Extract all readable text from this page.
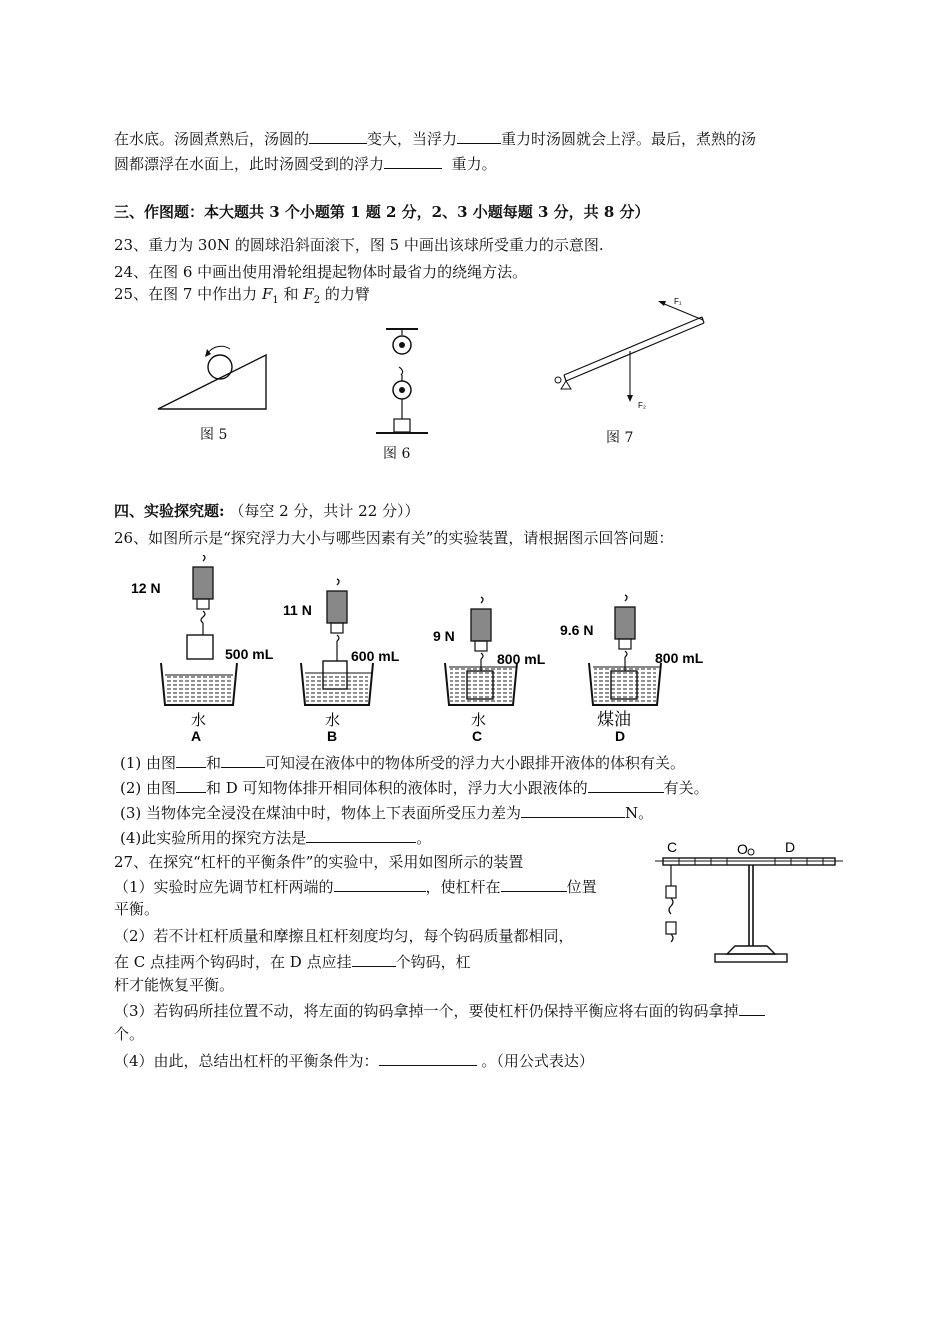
在水底。汤圆煮熟后，汤圆的	变大，当浮力	重力时汤圆就会上浮。最后，煮熟的汤
圆都漂浮在水面上，此时汤圆受到的浮力	重力。
三、作图题：本大题共 3 个小题第 1 题 2 分，2、3 小题每题 3 分，共 8 分）
23、重力为 30N 的圆球沿斜面滚下，图 5 中画出该球所受重力的示意图.
24、在图 6 中画出使用滑轮组提起物体时最省力的绕绳方法。
25、在图 7 中作出力 $F_1$ 和 $F_2$ 的力臂
图 5
图 6
F₁
F₂
图 7
四、实验探究题: （每空 2 分，共计 22 分））
26、如图所示是“探究浮力大小与哪些因素有关”的实验装置，请根据图示回答问题：
12 N
500 mL
水
A
11 N
600 mL
水
B
9 N
800 mL
水
C
9.6 N
800 mL
煤油
D
(1) 由图 和	可知浸在液体中的物体所受的浮力大小跟排开液体的体积有关。
(2) 由图 和 D 可知物体排开相同体积的液体时，浮力大小跟液体的	有关。
(3) 当物体完全浸没在煤油中时，物体上下表面所受压力差为	N。
(4)此实验所用的探究方法是	。
27、在探究“杠杆的平衡条件”的实验中，采用如图所示的装置
（1）实验时应先调节杠杆两端的	，使杠杆在	位置
平衡。
（2）若不计杠杆质量和摩擦且杠杆刻度均匀，每个钩码质量都相同，
在 C 点挂两个钩码时，在 D 点应挂	个钩码，杠
杆才能恢复平衡。
（3）若钩码所挂位置不动，将左面的钩码拿掉一个，要使杠杆仍保持平衡应将右面的钩码拿掉
个。
（4）由此，总结出杠杆的平衡条件为：	。（用公式表达）
C	O	D
